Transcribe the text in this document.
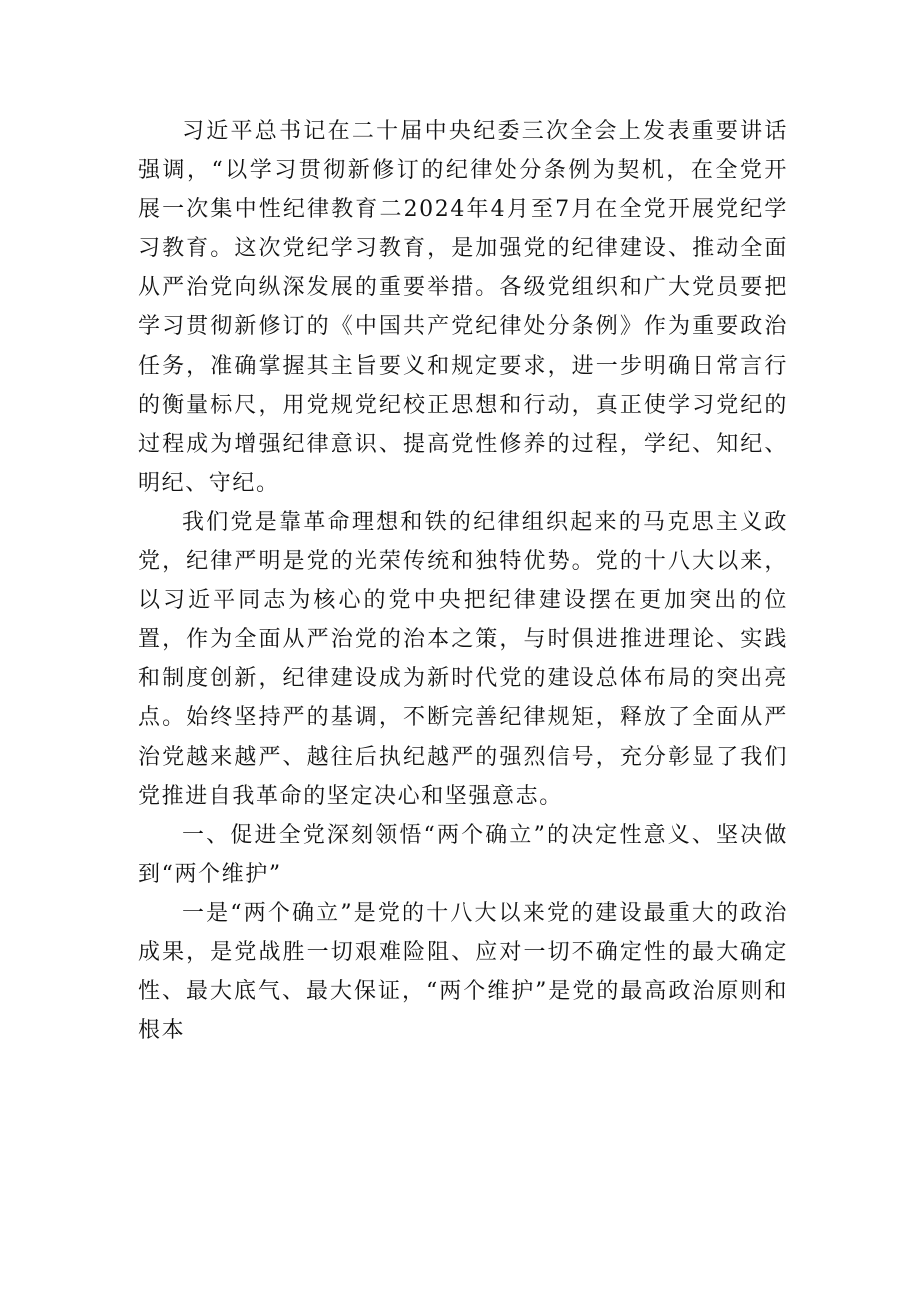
习近平总书记在二十届中央纪委三次全会上发表重要讲话强调，“以学习贯彻新修订的纪律处分条例为契机，在全党开展一次集中性纪律教育二2024年4月至7月在全党开展党纪学习教育。这次党纪学习教育，是加强党的纪律建设、推动全面从严治党向纵深发展的重要举措。各级党组织和广大党员要把学习贯彻新修订的《中国共产党纪律处分条例》作为重要政治任务，准确掌握其主旨要义和规定要求，进一步明确日常言行的衡量标尺，用党规党纪校正思想和行动，真正使学习党纪的过程成为增强纪律意识、提高党性修养的过程，学纪、知纪、明纪、守纪。

我们党是靠革命理想和铁的纪律组织起来的马克思主义政党，纪律严明是党的光荣传统和独特优势。党的十八大以来，以习近平同志为核心的党中央把纪律建设摆在更加突出的位置，作为全面从严治党的治本之策，与时俱进推进理论、实践和制度创新，纪律建设成为新时代党的建设总体布局的突出亮点。始终坚持严的基调，不断完善纪律规矩，释放了全面从严治党越来越严、越往后执纪越严的强烈信号，充分彰显了我们党推进自我革命的坚定决心和坚强意志。

一、促进全党深刻领悟“两个确立”的决定性意义、坚决做到“两个维护”

一是“两个确立”是党的十八大以来党的建设最重大的政治成果，是党战胜一切艰难险阻、应对一切不确定性的最大确定性、最大底气、最大保证，“两个维护”是党的最高政治原则和根本
